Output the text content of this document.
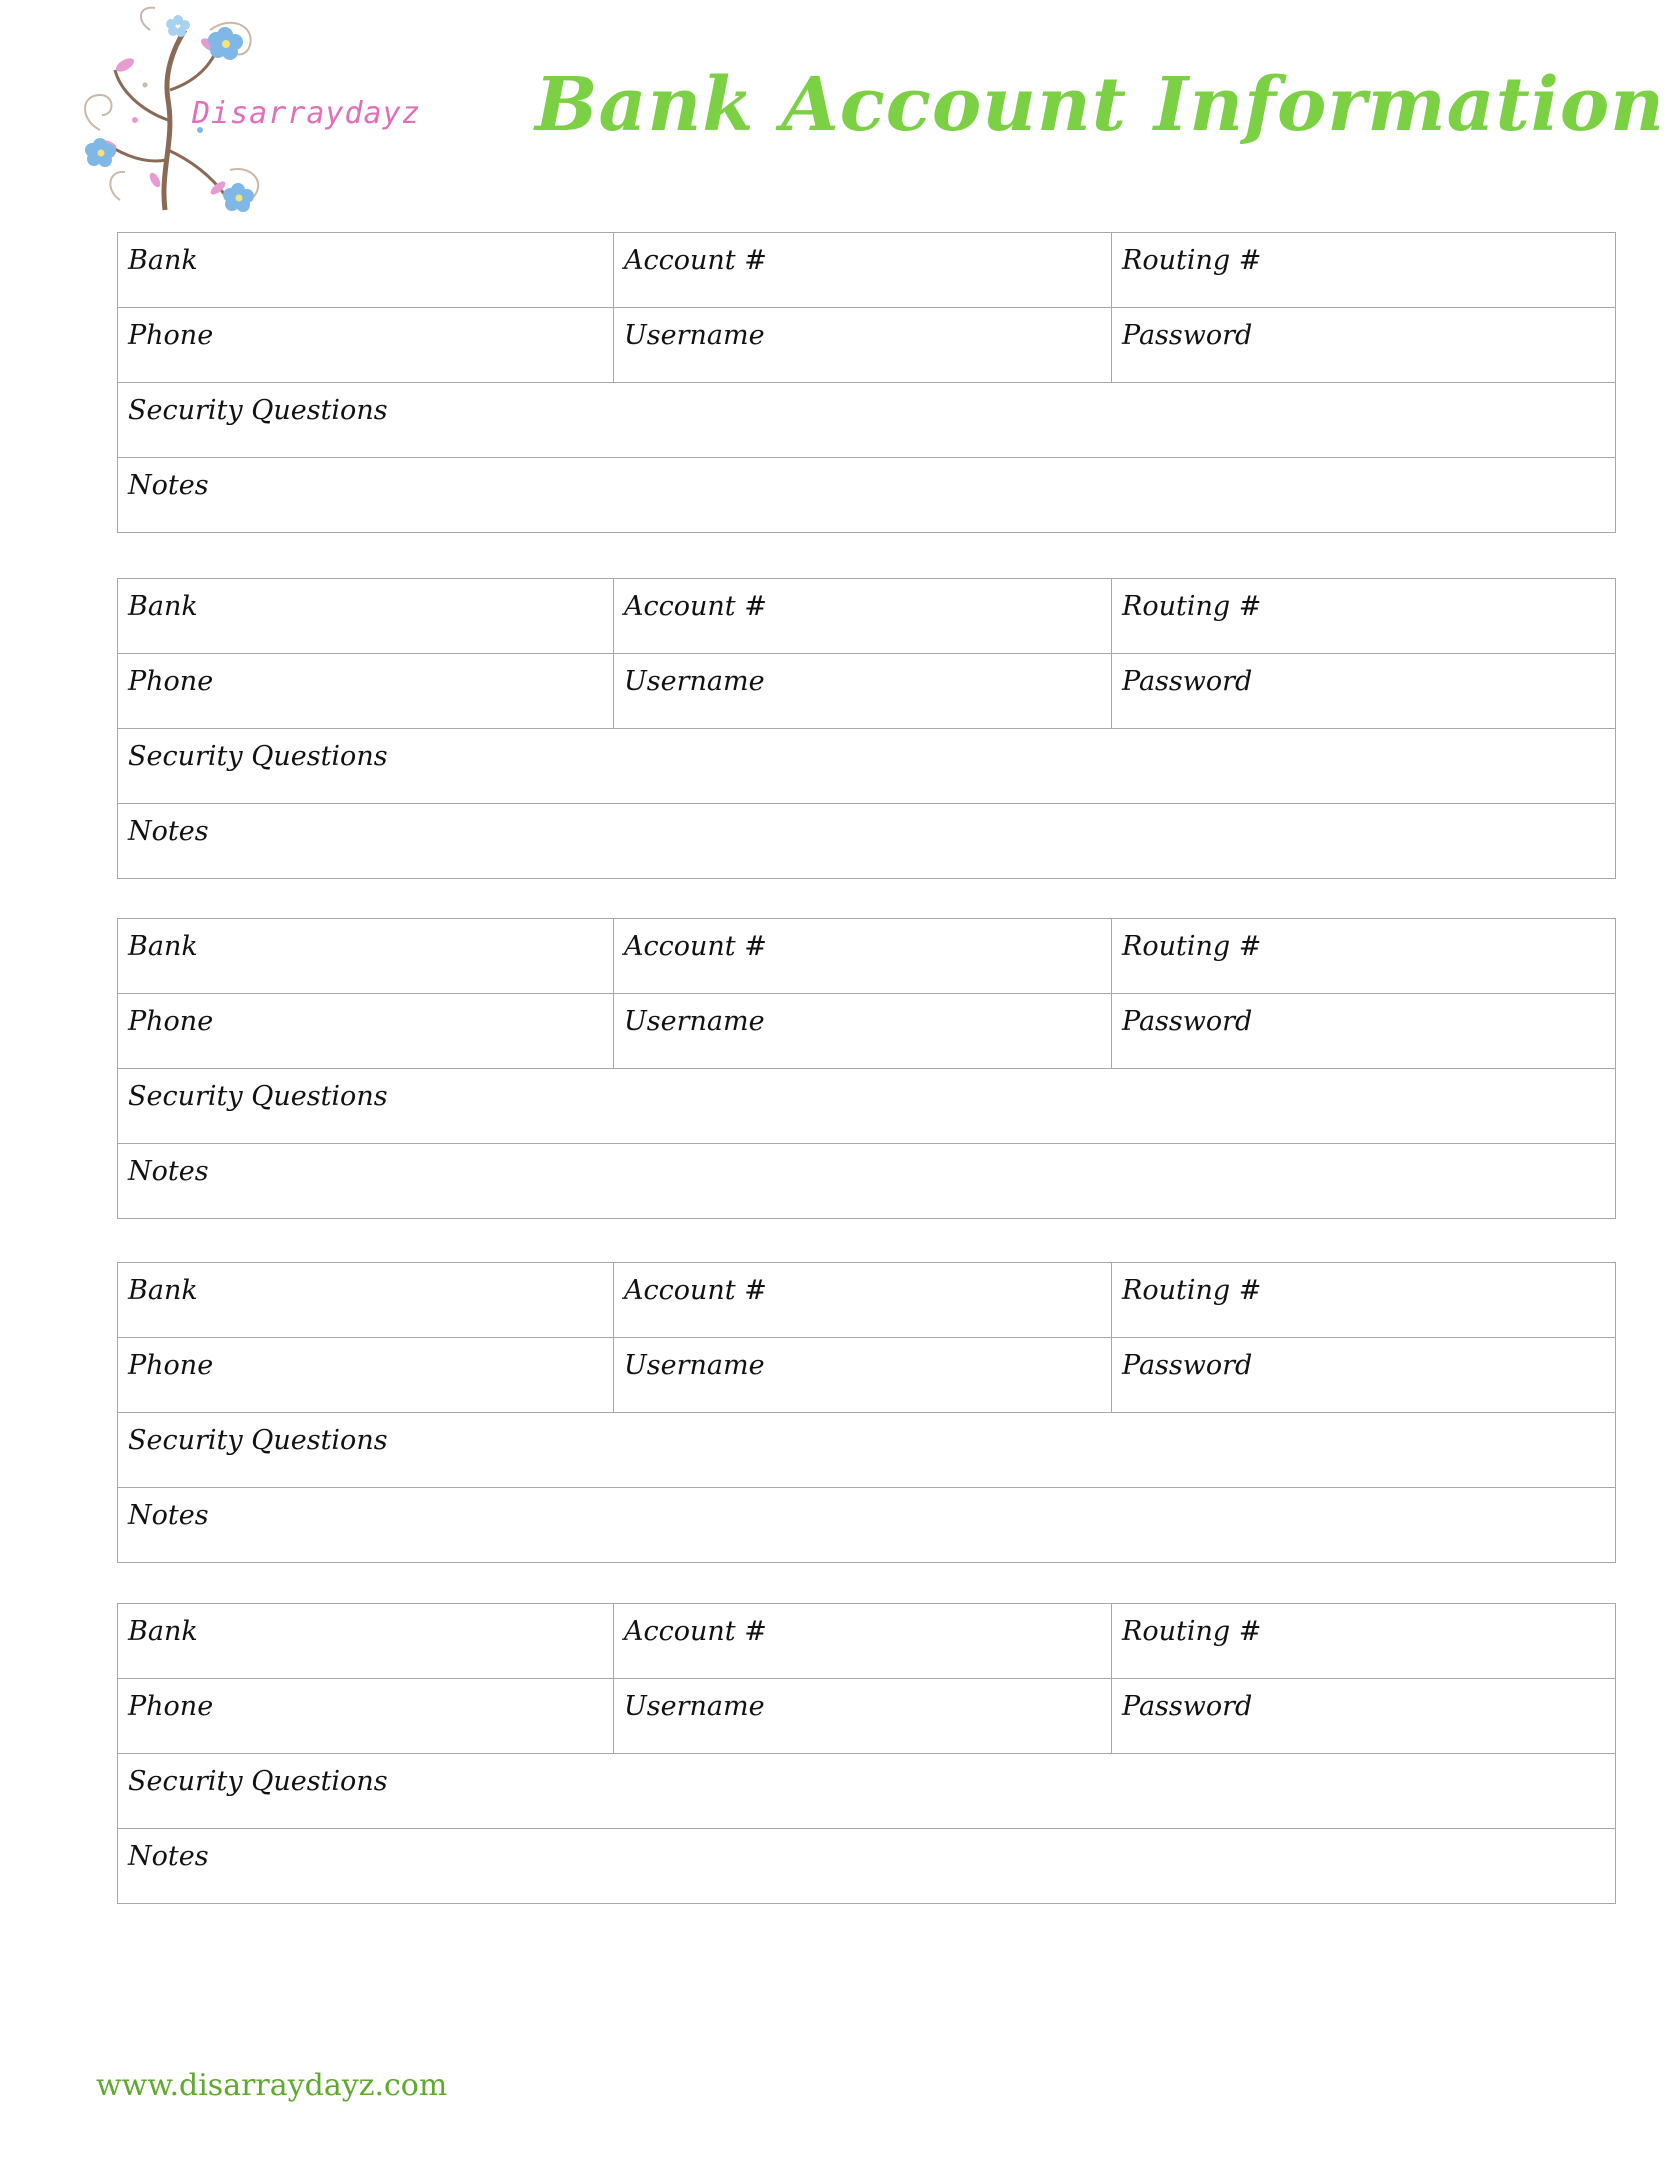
Disarraydayz Bank Account Information
Bank	Account #	Routing #

Phone	Username	Password

Security Questions		

Notes		
Bank	Account #	Routing #

Phone	Username	Password

Security Questions		

Notes		
Bank	Account #	Routing #

Phone	Username	Password

Security Questions		

Notes		
Bank	Account #	Routing #

Phone	Username	Password

Security Questions		

Notes		
Bank	Account #	Routing #

Phone	Username	Password

Security Questions		

Notes		
www.disarraydayz.com
